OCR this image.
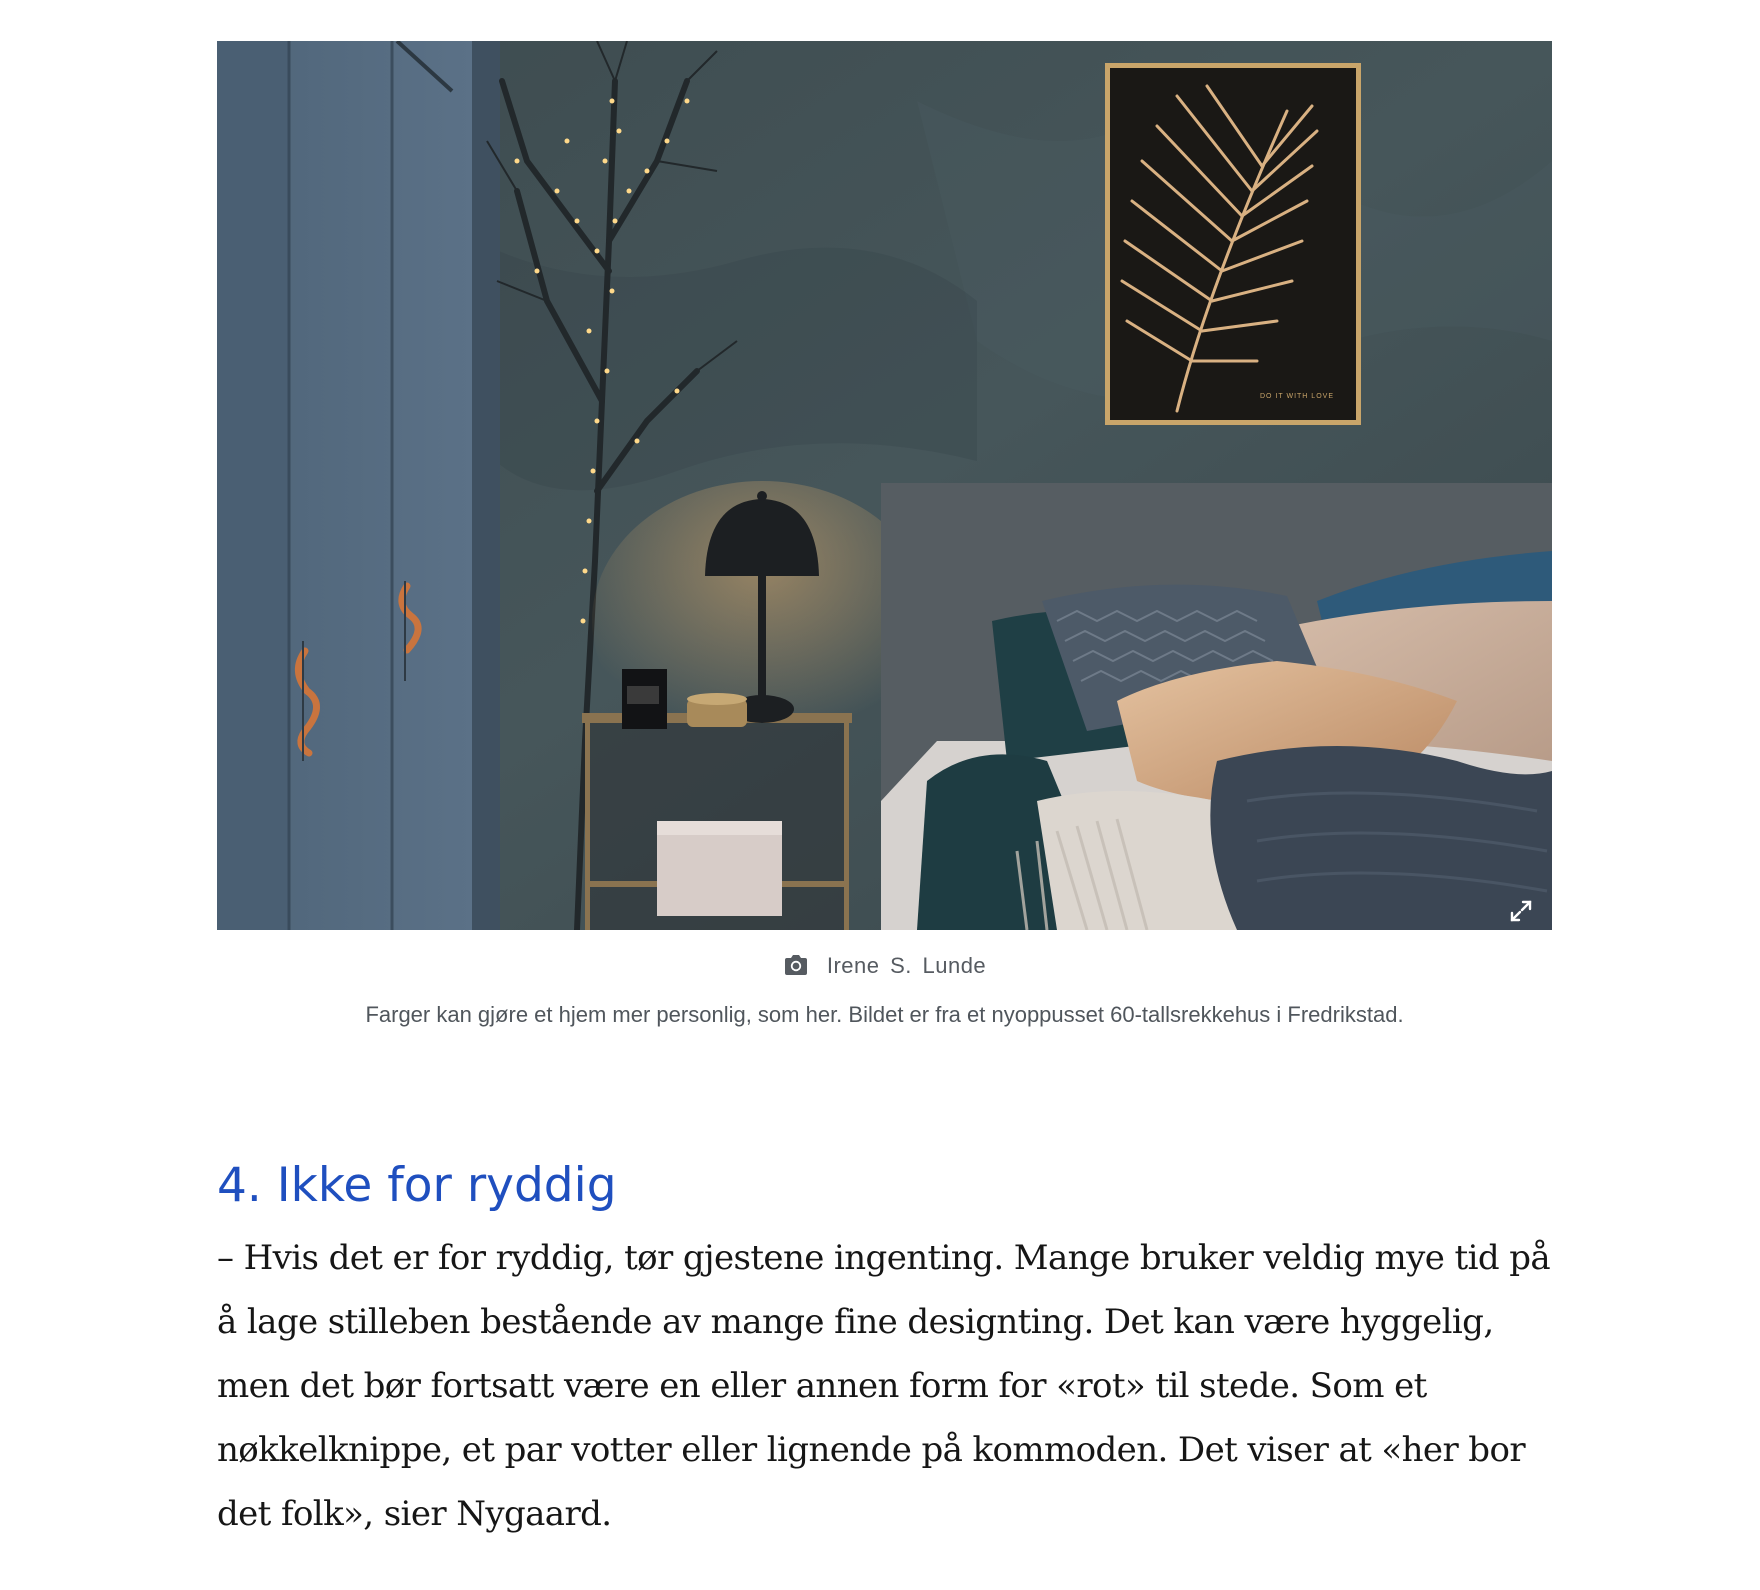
DO IT WITH LOVE
Irene S. Lunde

Farger kan gjøre et hjem mer personlig, som her. Bildet er fra et nyoppusset 60-tallsrekkehus i Fredrikstad.

4. Ikke for ryddig

– Hvis det er for ryddig, tør gjestene ingenting. Mange bruker veldig mye tid på å lage stilleben bestående av mange fine designting. Det kan være hyggelig, men det bør fortsatt være en eller annen form for «rot» til stede. Som et nøkkelknippe, et par votter eller lignende på kommoden. Det viser at «her bor det folk», sier Nygaard.
